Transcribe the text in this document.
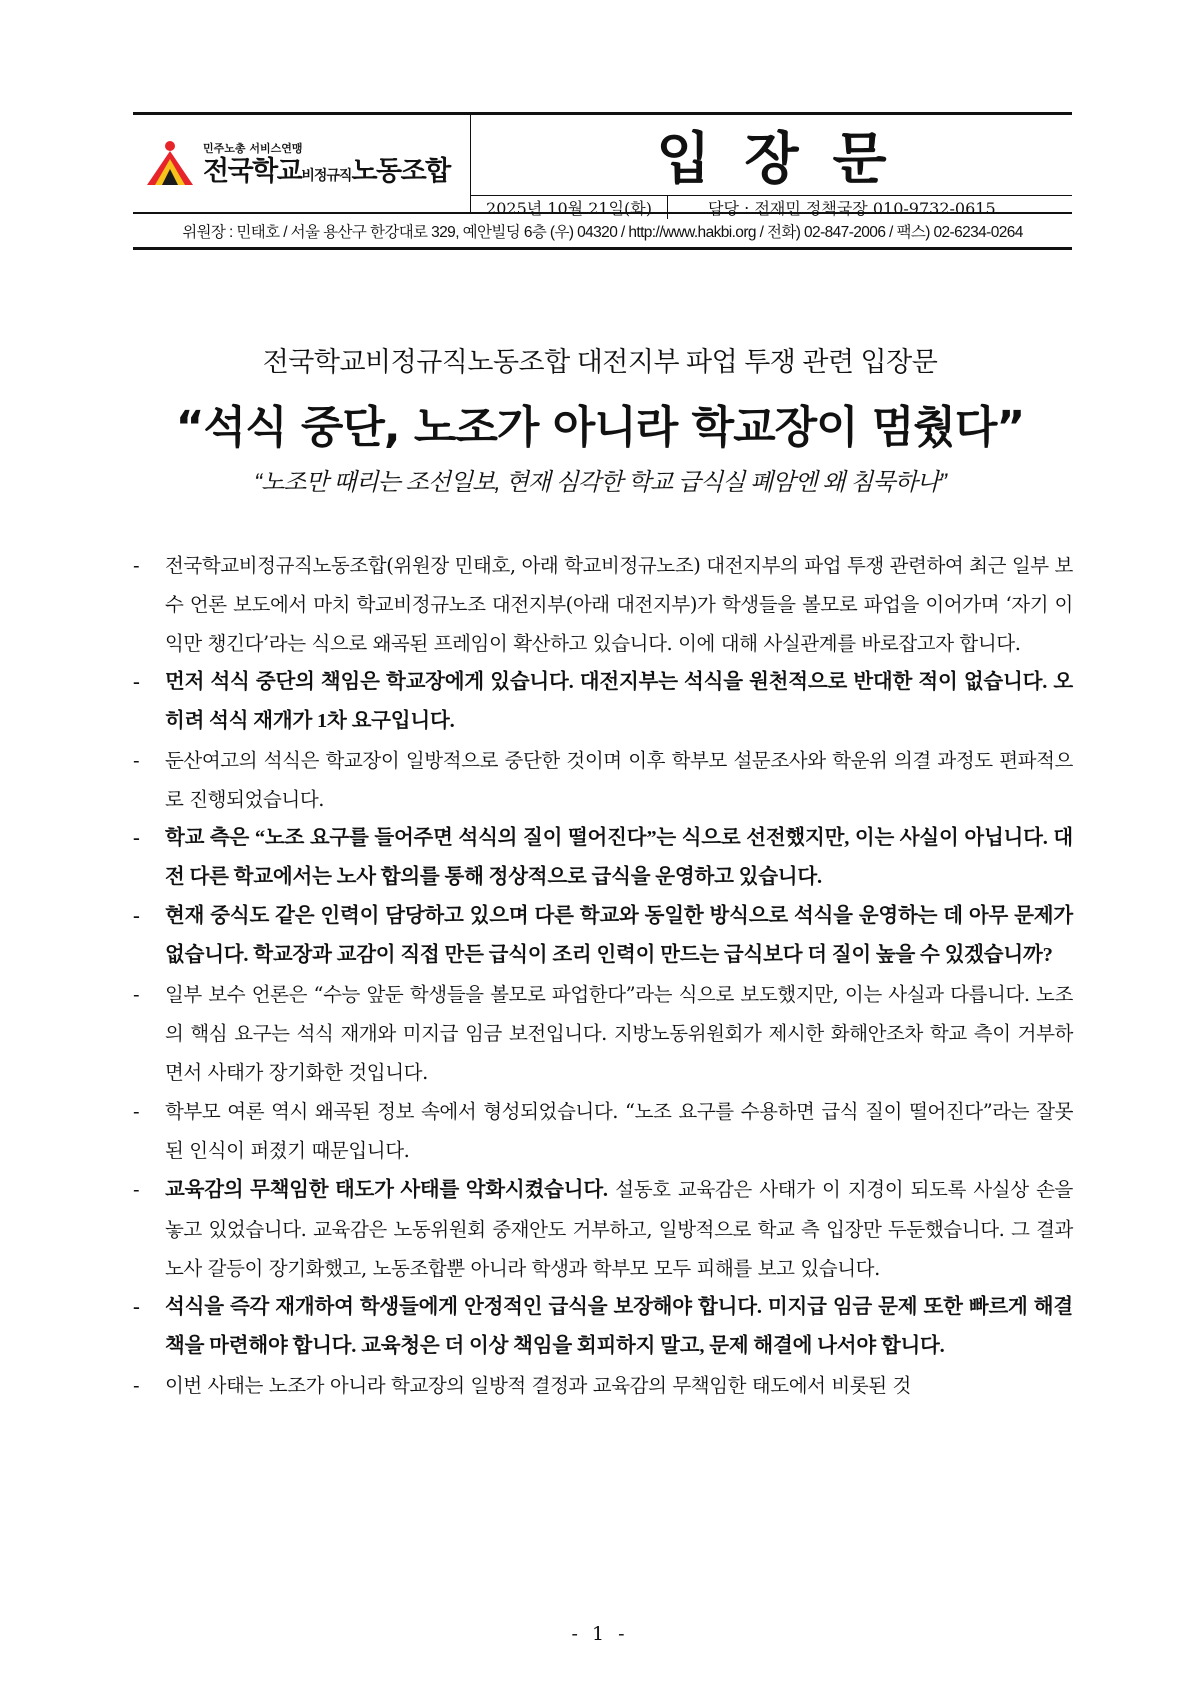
민주노총 서비스연맹
전국학교비정규직노동조합	입장문
2025년 10월 21일(화)	담당 : 전재민 정책국장 010-9732-0615
위원장 : 민태호 / 서울 용산구 한강대로 329, 예안빌딩 6층 (우) 04320 / http://www.hakbi.org / 전화) 02-847-2006 / 팩스) 02-6234-0264
전국학교비정규직노동조합 대전지부 파업 투쟁 관련 입장문
“석식 중단, 노조가 아니라 학교장이 멈췄다”
“노조만 때리는 조선일보, 현재 심각한 학교 급식실 폐암엔 왜 침묵하나”
- 전국학교비정규직노동조합(위원장 민태호, 아래 학교비정규노조) 대전지부의 파업 투쟁 관련하여 최근 일부 보수 언론 보도에서 마치 학교비정규노조 대전지부(아래 대전지부)가 학생들을 볼모로 파업을 이어가며 ‘자기 이익만 챙긴다’라는 식으로 왜곡된 프레임이 확산하고 있습니다. 이에 대해 사실관계를 바로잡고자 합니다.
- 먼저 석식 중단의 책임은 학교장에게 있습니다. 대전지부는 석식을 원천적으로 반대한 적이 없습니다. 오히려 석식 재개가 1차 요구입니다.
- 둔산여고의 석식은 학교장이 일방적으로 중단한 것이며 이후 학부모 설문조사와 학운위 의결 과정도 편파적으로 진행되었습니다.
- 학교 측은 “노조 요구를 들어주면 석식의 질이 떨어진다”는 식으로 선전했지만, 이는 사실이 아닙니다. 대전 다른 학교에서는 노사 합의를 통해 정상적으로 급식을 운영하고 있습니다.
- 현재 중식도 같은 인력이 담당하고 있으며 다른 학교와 동일한 방식으로 석식을 운영하는 데 아무 문제가 없습니다. 학교장과 교감이 직접 만든 급식이 조리 인력이 만드는 급식보다 더 질이 높을 수 있겠습니까?
- 일부 보수 언론은 “수능 앞둔 학생들을 볼모로 파업한다”라는 식으로 보도했지만, 이는 사실과 다릅니다. 노조의 핵심 요구는 석식 재개와 미지급 임금 보전입니다. 지방노동위원회가 제시한 화해안조차 학교 측이 거부하면서 사태가 장기화한 것입니다.
- 학부모 여론 역시 왜곡된 정보 속에서 형성되었습니다. “노조 요구를 수용하면 급식 질이 떨어진다”라는 잘못된 인식이 퍼졌기 때문입니다.
- 교육감의 무책임한 태도가 사태를 악화시켰습니다. 설동호 교육감은 사태가 이 지경이 되도록 사실상 손을 놓고 있었습니다. 교육감은 노동위원회 중재안도 거부하고, 일방적으로 학교 측 입장만 두둔했습니다. 그 결과 노사 갈등이 장기화했고, 노동조합뿐 아니라 학생과 학부모 모두 피해를 보고 있습니다.
- 석식을 즉각 재개하여 학생들에게 안정적인 급식을 보장해야 합니다. 미지급 임금 문제 또한 빠르게 해결책을 마련해야 합니다. 교육청은 더 이상 책임을 회피하지 말고, 문제 해결에 나서야 합니다.
- 이번 사태는 노조가 아니라 학교장의 일방적 결정과 교육감의 무책임한 태도에서 비롯된 것
- 1 -
